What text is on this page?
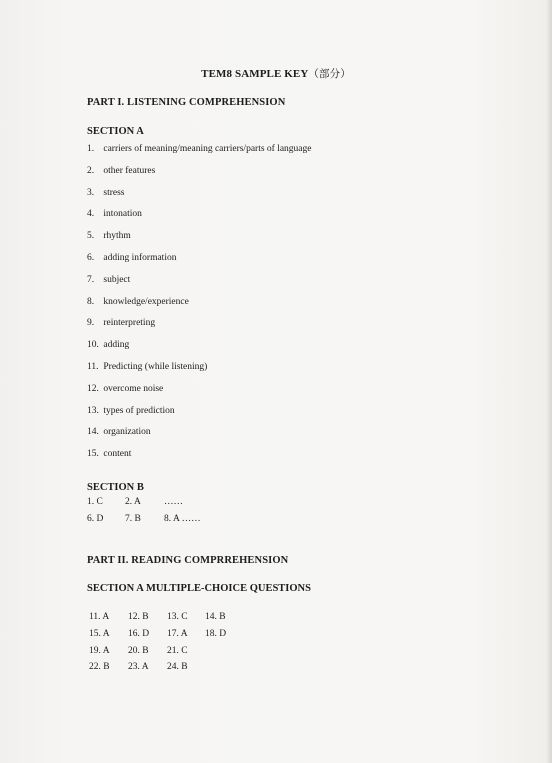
TEM8 SAMPLE KEY（部分）
PART I. LISTENING COMPREHENSION
SECTION A
1. carriers of meaning/meaning carriers/parts of language
2. other features
3. stress
4. intonation
5. rhythm
6. adding information
7. subject
8. knowledge/experience
9. reinterpreting
10. adding
11. Predicting (while listening)
12. overcome noise
13. types of prediction
14. organization
15. content
SECTION B
1. C 2. A ……
6. D 7. B 8. A ……
PART II. READING COMPRREHENSION
SECTION A MULTIPLE-CHOICE QUESTIONS
11. A 12. B 13. C 14. B
15. A 16. D 17. A 18. D
19. A 20. B 21. C
22. B 23. A 24. B
